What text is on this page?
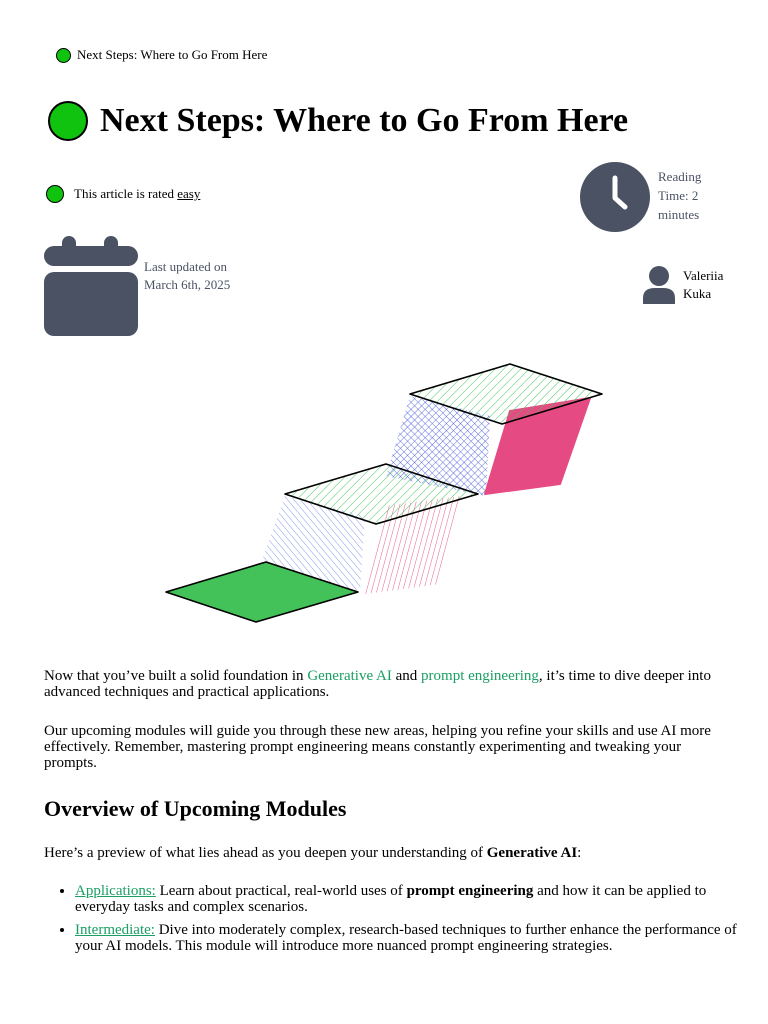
Next Steps: Where to Go From Here
Next Steps: Where to Go From Here
This article is rated easy
Reading Time: 2 minutes
Last updated on March 6th, 2025
Valeriia Kuka

Now that you’ve built a solid foundation in Generative AI and prompt engineering, it’s time to dive deeper into advanced techniques and practical applications.

Our upcoming modules will guide you through these new areas, helping you refine your skills and use AI more effectively. Remember, mastering prompt engineering means constantly experimenting and tweaking your prompts.

Overview of Upcoming Modules

Here’s a preview of what lies ahead as you deepen your understanding of Generative AI:

• Applications: Learn about practical, real-world uses of prompt engineering and how it can be applied to everyday tasks and complex scenarios.
• Intermediate: Dive into moderately complex, research-based techniques to further enhance the performance of your AI models. This module will introduce more nuanced prompt engineering strategies.
